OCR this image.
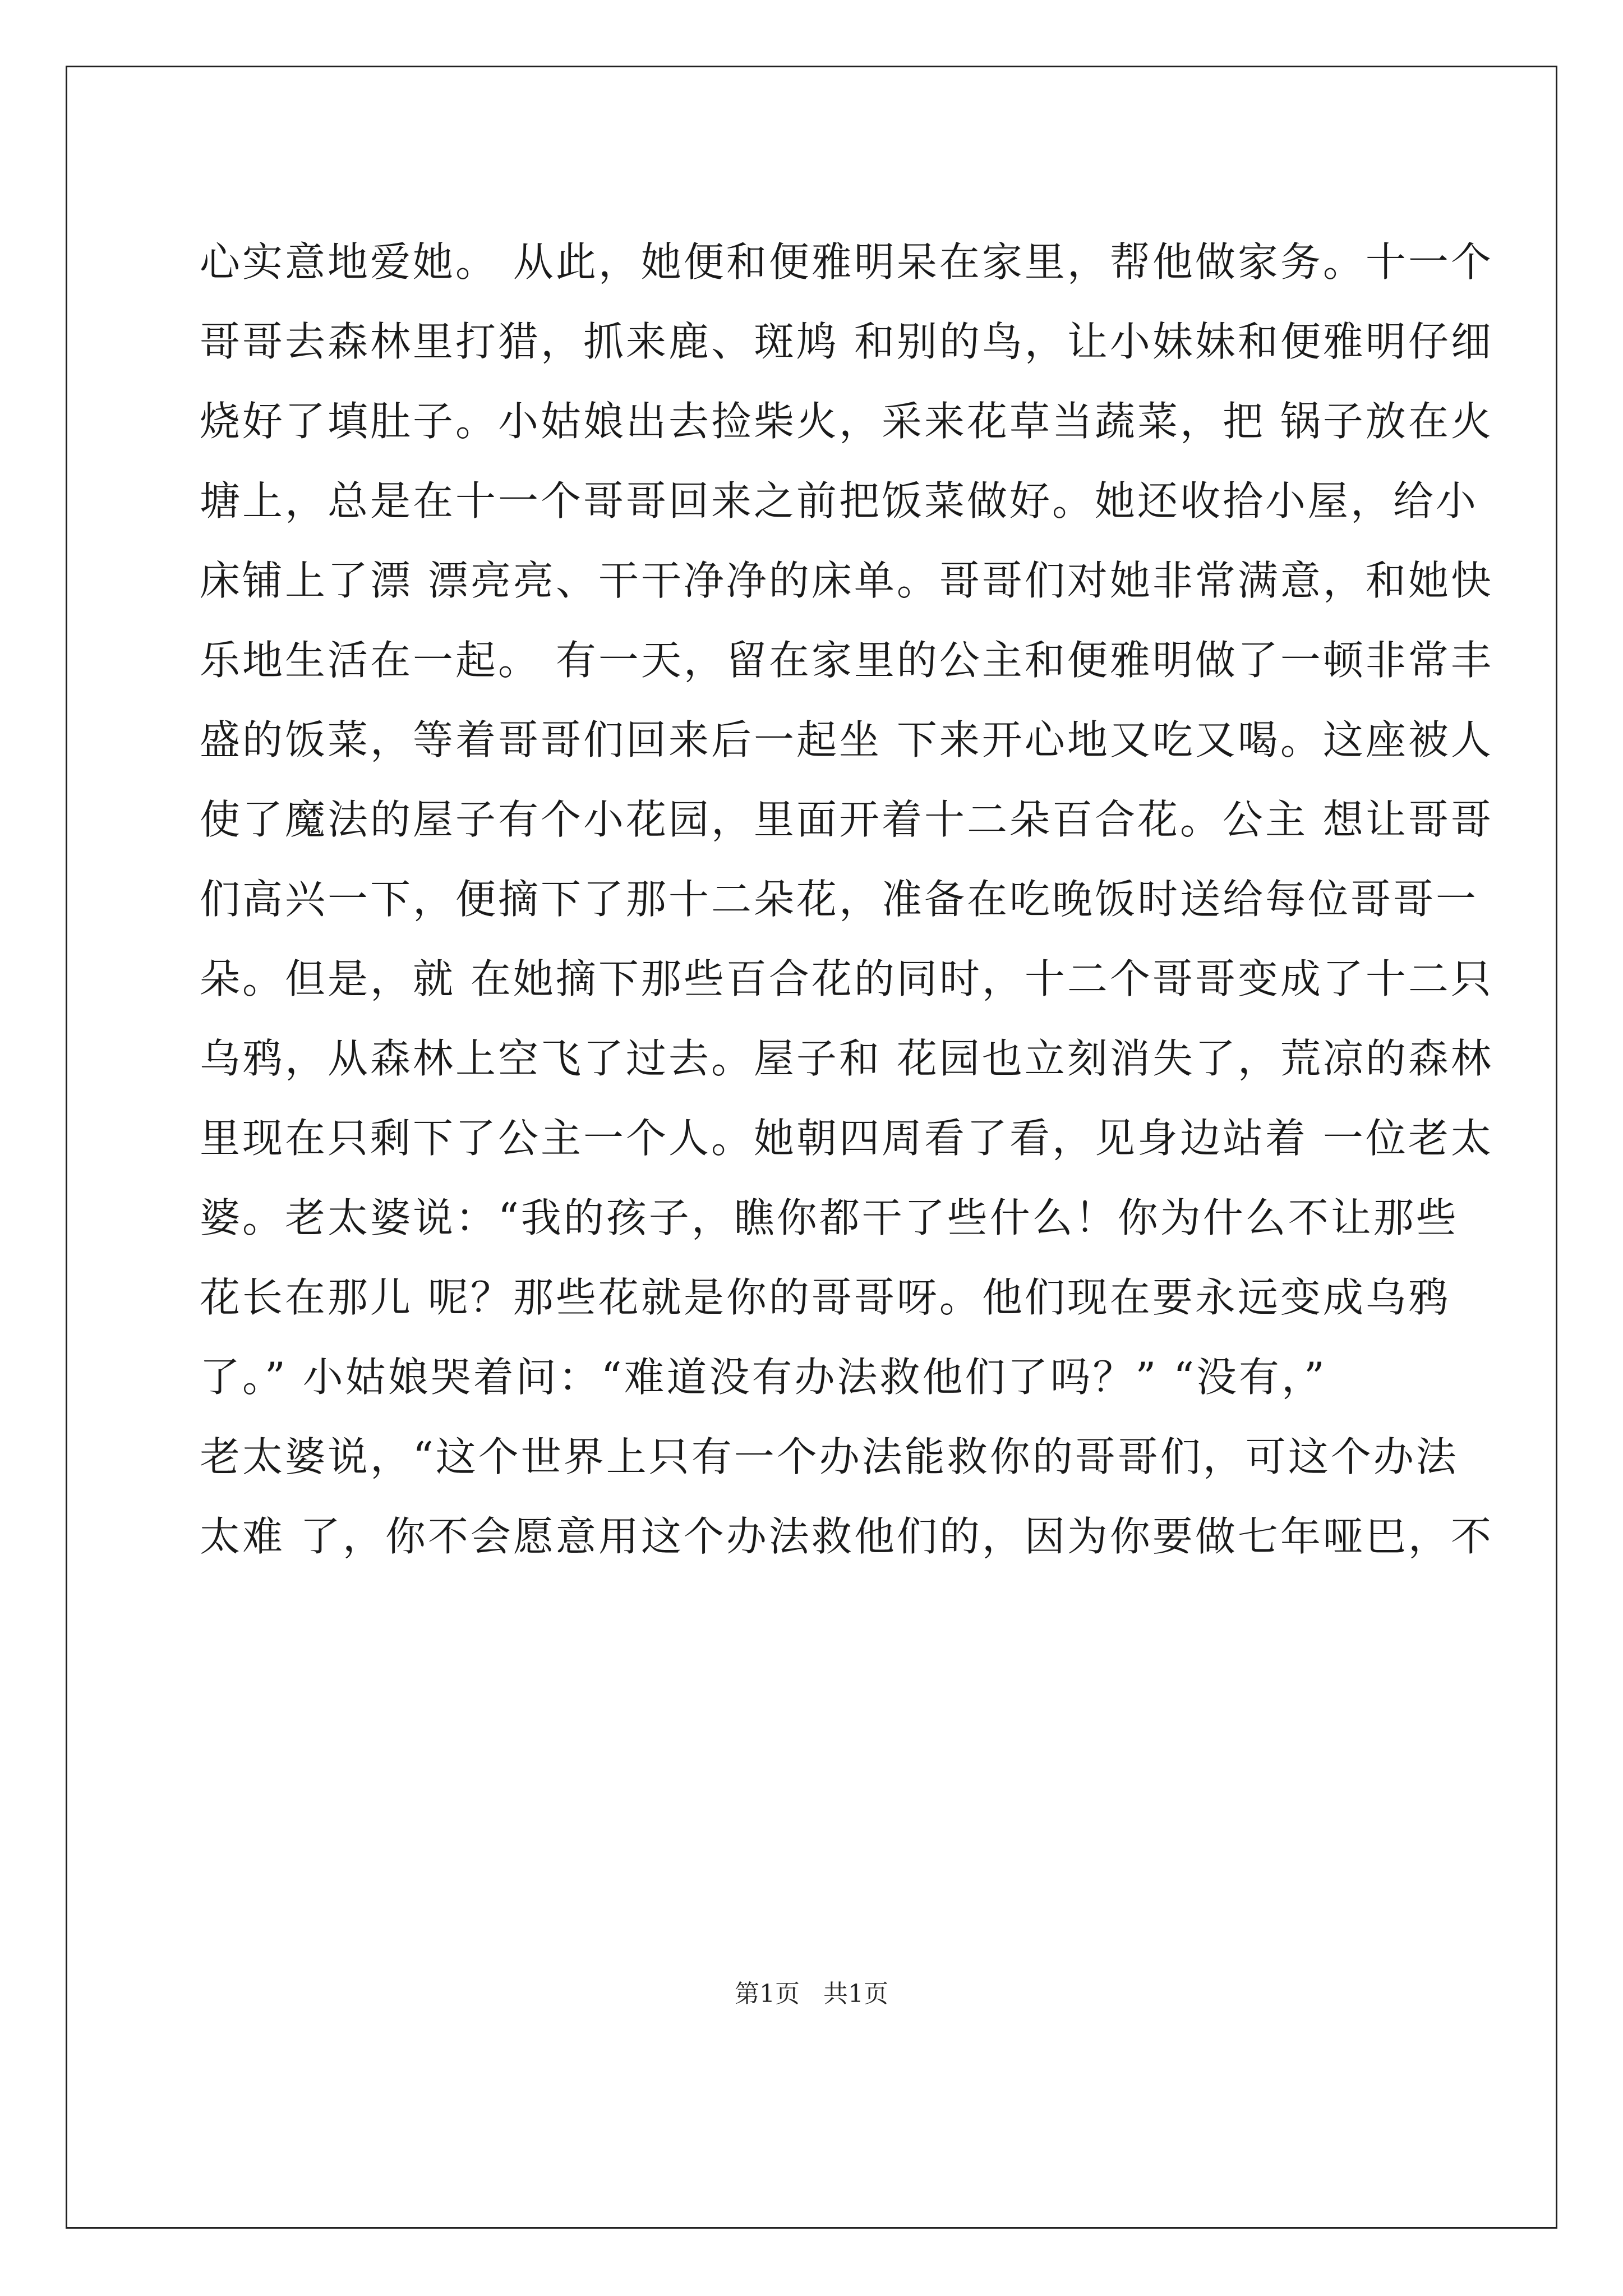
心实意地爱她。 从此，她便和便雅明呆在家里，帮他做家务。十一个
哥哥去森林里打猎，抓来鹿、斑鸠 和别的鸟，让小妹妹和便雅明仔细
烧好了填肚子。小姑娘出去捡柴火，采来花草当蔬菜，把 锅子放在火
塘上，总是在十一个哥哥回来之前把饭菜做好。她还收拾小屋，给小
床铺上了漂 漂亮亮、干干净净的床单。哥哥们对她非常满意，和她快
乐地生活在一起。 有一天，留在家里的公主和便雅明做了一顿非常丰
盛的饭菜，等着哥哥们回来后一起坐 下来开心地又吃又喝。这座被人
使了魔法的屋子有个小花园，里面开着十二朵百合花。公主 想让哥哥
们高兴一下，便摘下了那十二朵花，准备在吃晚饭时送给每位哥哥一
朵。但是，就 在她摘下那些百合花的同时，十二个哥哥变成了十二只
乌鸦，从森林上空飞了过去。屋子和 花园也立刻消失了，荒凉的森林
里现在只剩下了公主一个人。她朝四周看了看，见身边站着 一位老太
婆。老太婆说：“我的孩子，瞧你都干了些什么！你为什么不让那些
花长在那儿 呢？那些花就是你的哥哥呀。他们现在要永远变成乌鸦
了。” 小姑娘哭着问：“难道没有办法救他们了吗？” “没有，”
老太婆说，“这个世界上只有一个办法能救你的哥哥们，可这个办法
太难 了，你不会愿意用这个办法救他们的，因为你要做七年哑巴，不
第1页   共1页
